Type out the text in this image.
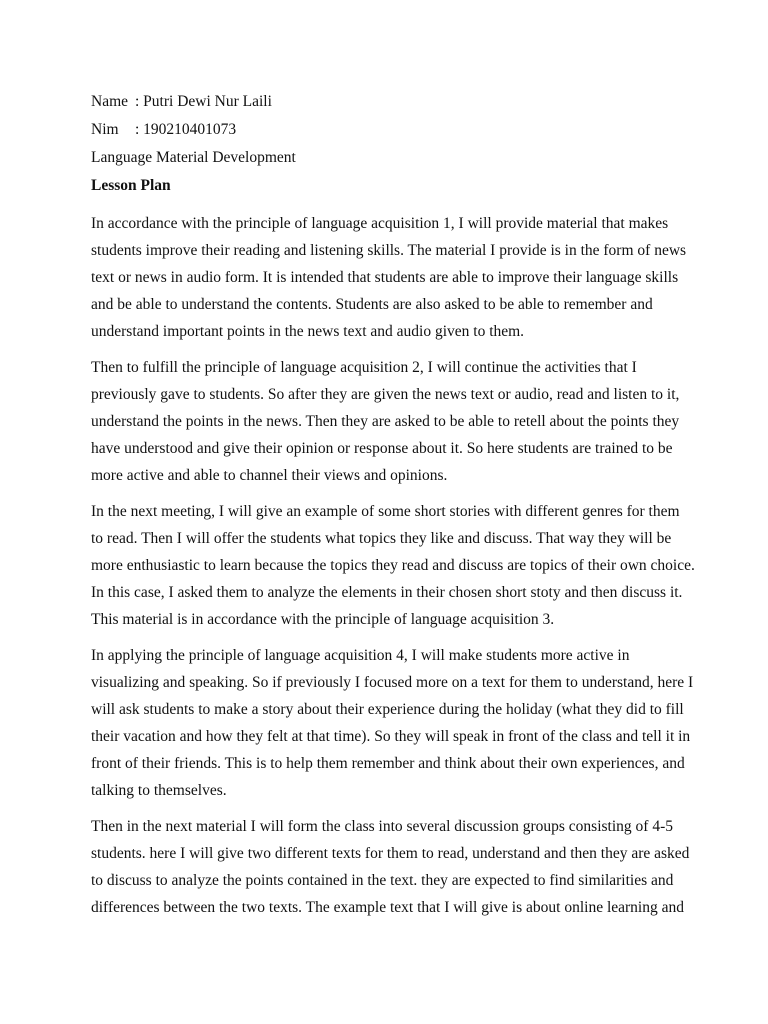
Name : Putri Dewi Nur Laili
Nim : 190210401073
Language Material Development
Lesson Plan

In accordance with the principle of language acquisition 1, I will provide material that makes
students improve their reading and listening skills. The material I provide is in the form of news
text or news in audio form. It is intended that students are able to improve their language skills
and be able to understand the contents. Students are also asked to be able to remember and
understand important points in the news text and audio given to them.

Then to fulfill the principle of language acquisition 2, I will continue the activities that I
previously gave to students. So after they are given the news text or audio, read and listen to it,
understand the points in the news. Then they are asked to be able to retell about the points they
have understood and give their opinion or response about it. So here students are trained to be
more active and able to channel their views and opinions.

In the next meeting, I will give an example of some short stories with different genres for them
to read. Then I will offer the students what topics they like and discuss. That way they will be
more enthusiastic to learn because the topics they read and discuss are topics of their own choice.
In this case, I asked them to analyze the elements in their chosen short stoty and then discuss it.
This material is in accordance with the principle of language acquisition 3.

In applying the principle of language acquisition 4, I will make students more active in
visualizing and speaking. So if previously I focused more on a text for them to understand, here I
will ask students to make a story about their experience during the holiday (what they did to fill
their vacation and how they felt at that time). So they will speak in front of the class and tell it in
front of their friends. This is to help them remember and think about their own experiences, and
talking to themselves.

Then in the next material I will form the class into several discussion groups consisting of 4-5
students. here I will give two different texts for them to read, understand and then they are asked
to discuss to analyze the points contained in the text. they are expected to find similarities and
differences between the two texts. The example text that I will give is about online learning and
